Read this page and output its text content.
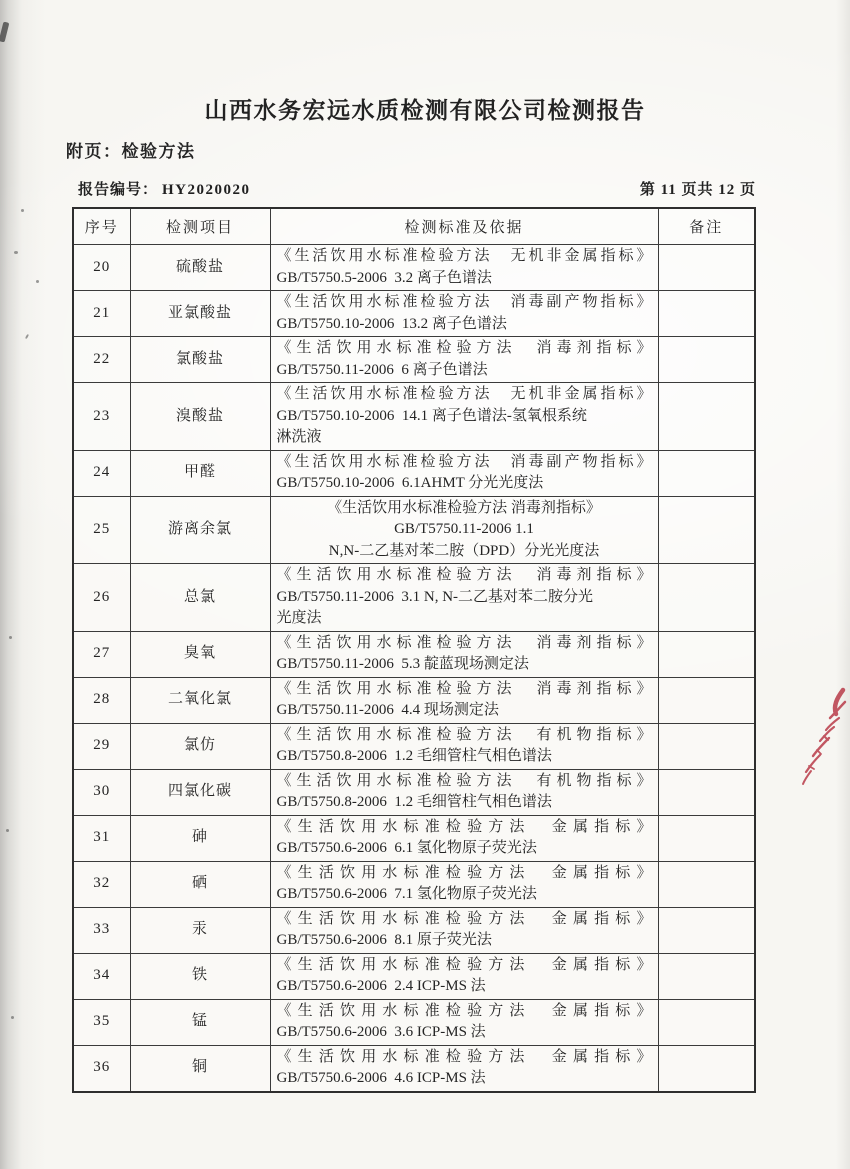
山西水务宏远水质检测有限公司检测报告
附页：检验方法
报告编号： HY2020020	第 11 页共 12 页
序号	检测项目	检测标准及依据	备注
20	硫酸盐	《生活饮用水标准检验方法　无机非金属指标》
GB/T5750.5-2006  3.2 离子色谱法	

21	亚氯酸盐	《生活饮用水标准检验方法　消毒副产物指标》
GB/T5750.10-2006  13.2 离子色谱法	

22	氯酸盐	《生活饮用水标准检验方法　消毒剂指标》
GB/T5750.11-2006  6 离子色谱法	

23	溴酸盐	《生活饮用水标准检验方法　无机非金属指标》
GB/T5750.10-2006  14.1 离子色谱法-氢氧根系统
淋洗液	

24	甲醛	《生活饮用水标准检验方法　消毒副产物指标》
GB/T5750.10-2006  6.1AHMT 分光光度法	

25	游离余氯	《生活饮用水标准检验方法 消毒剂指标》
GB/T5750.11-2006 1.1
N,N-二乙基对苯二胺（DPD）分光光度法	

26	总氯	《生活饮用水标准检验方法　消毒剂指标》
GB/T5750.11-2006  3.1 N, N-二乙基对苯二胺分光
光度法	

27	臭氧	《生活饮用水标准检验方法　消毒剂指标》
GB/T5750.11-2006  5.3 靛蓝现场测定法	

28	二氧化氯	《生活饮用水标准检验方法　消毒剂指标》
GB/T5750.11-2006  4.4 现场测定法	

29	氯仿	《生活饮用水标准检验方法　有机物指标》
GB/T5750.8-2006  1.2 毛细管柱气相色谱法	

30	四氯化碳	《生活饮用水标准检验方法　有机物指标》
GB/T5750.8-2006  1.2 毛细管柱气相色谱法	

31	砷	《生活饮用水标准检验方法　金属指标》
GB/T5750.6-2006  6.1 氢化物原子荧光法	

32	硒	《生活饮用水标准检验方法　金属指标》
GB/T5750.6-2006  7.1 氢化物原子荧光法	

33	汞	《生活饮用水标准检验方法　金属指标》
GB/T5750.6-2006  8.1 原子荧光法	

34	铁	《生活饮用水标准检验方法　金属指标》
GB/T5750.6-2006  2.4 ICP-MS 法	

35	锰	《生活饮用水标准检验方法　金属指标》
GB/T5750.6-2006  3.6 ICP-MS 法	

36	铜	《生活饮用水标准检验方法　金属指标》
GB/T5750.6-2006  4.6 ICP-MS 法	
